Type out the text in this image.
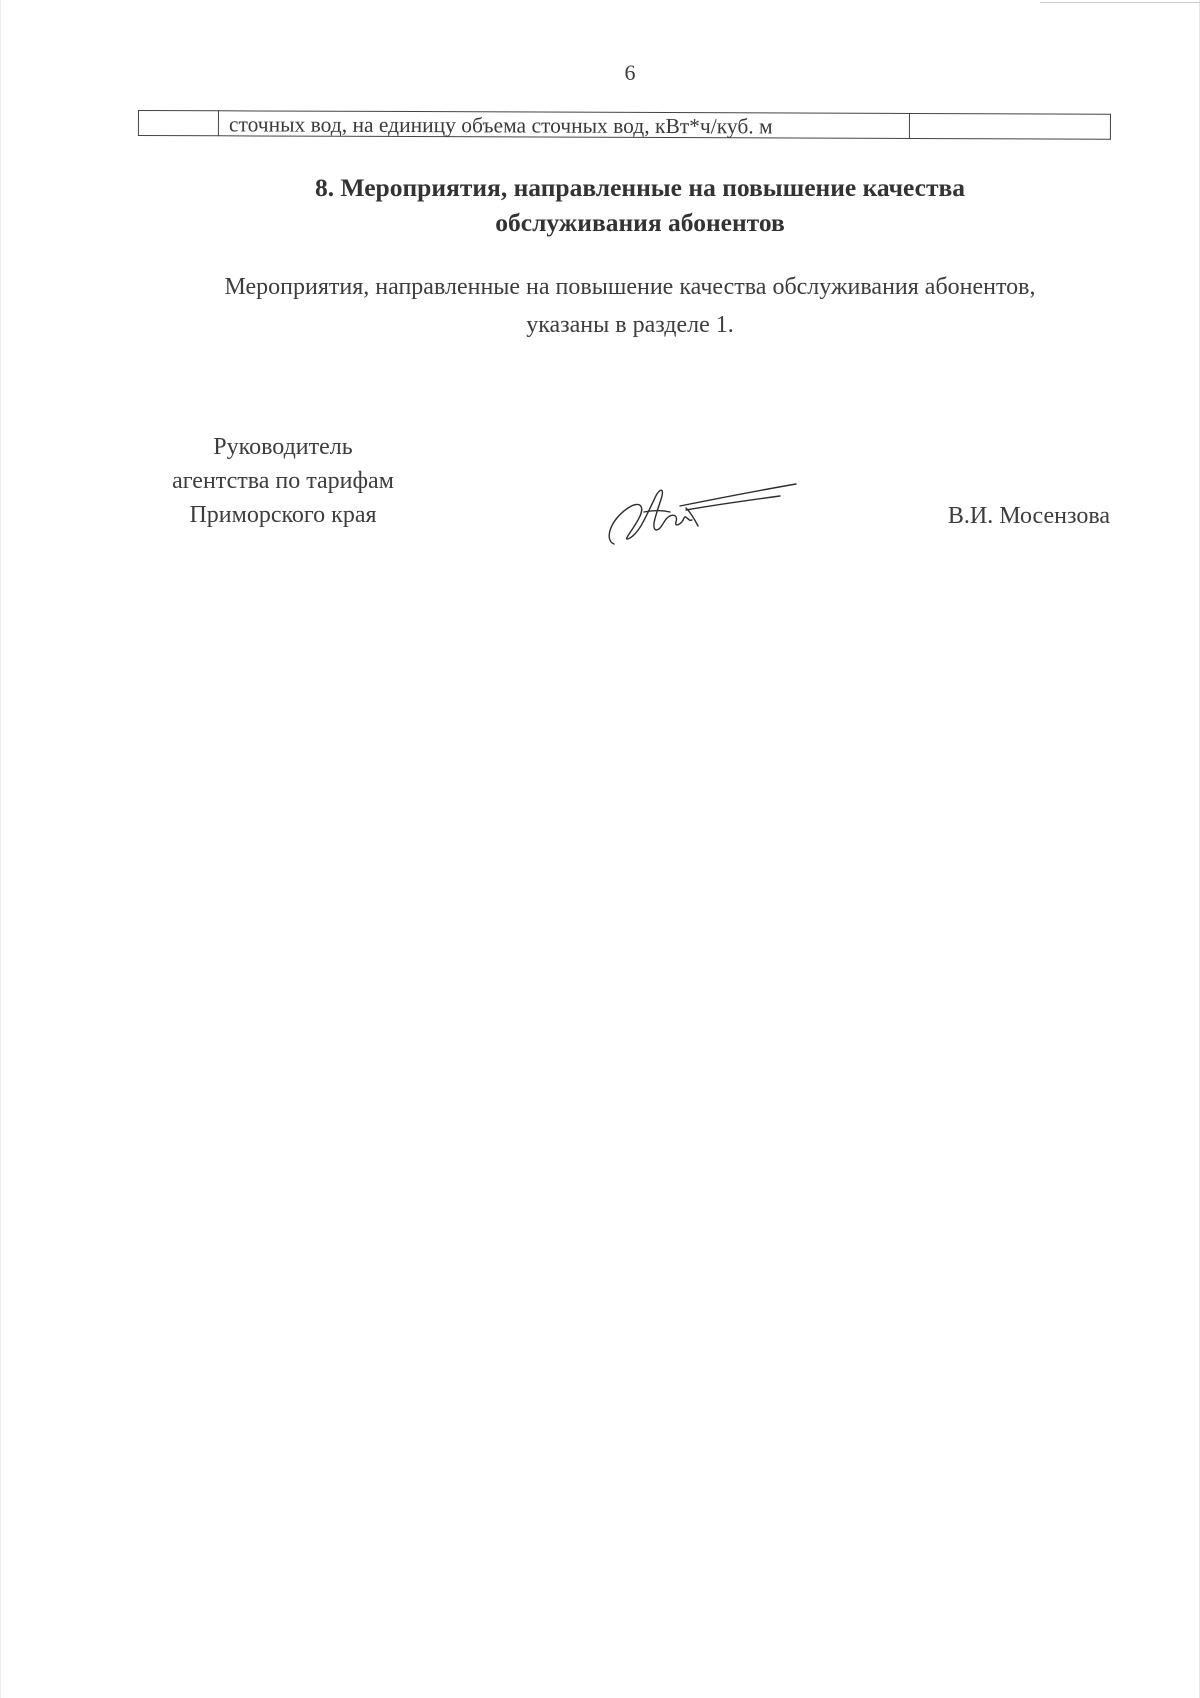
6
	сточных вод, на единицу объема сточных вод, кВт*ч/куб. м	
8. Мероприятия, направленные на повышение качества
обслуживания абонентов
Мероприятия, направленные на повышение качества обслуживания абонентов,
указаны в разделе 1.
Руководитель
агентства по тарифам
Приморского края	В.И. Мосензова
